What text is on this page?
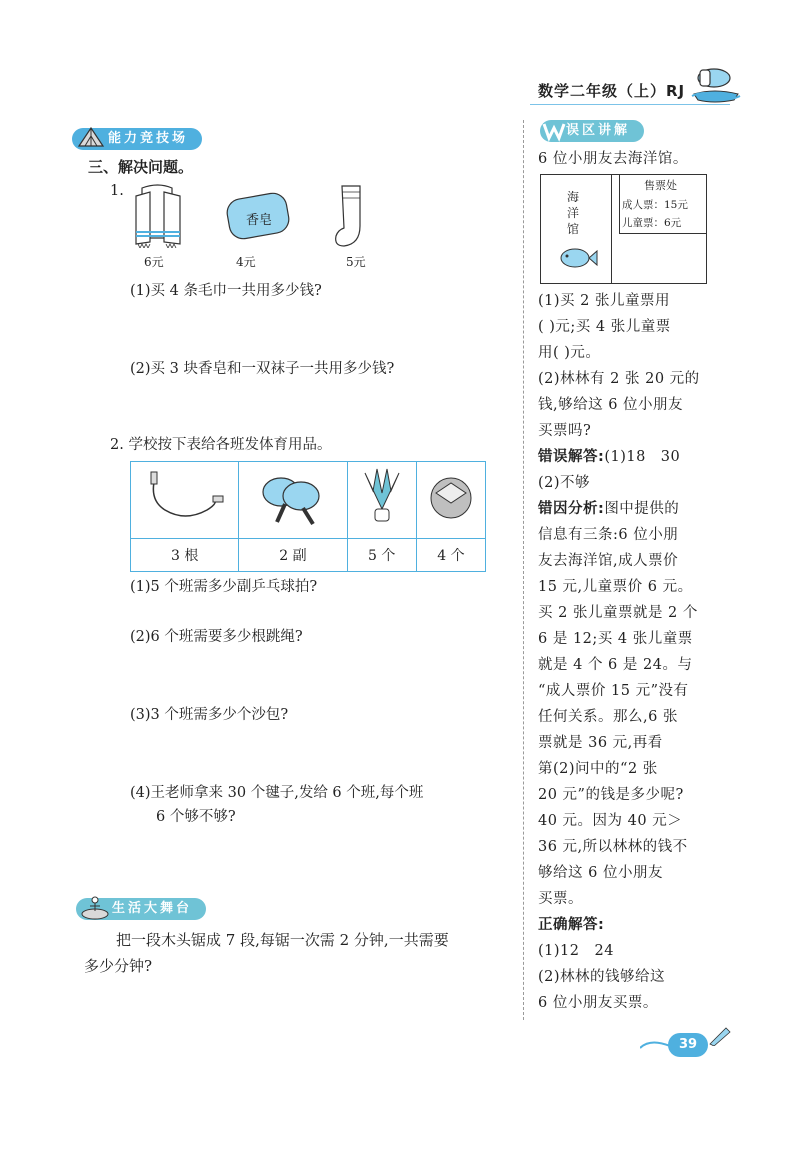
数学二年级（上）RJ
能力竞技场
三、解决问题。
1.
香皂
6元	4元	5元
(1)买 4 条毛巾一共用多少钱?
(2)买 3 块香皂和一双袜子一共用多少钱?
2. 学校按下表给各班发体育用品。

3 根	2 副	5 个	4 个
(1)5 个班需多少副乒乓球拍?
(2)6 个班需要多少根跳绳?
(3)3 个班需多少个沙包?
(4)王老师拿来 30 个毽子,发给 6 个班,每个班
6 个够不够?
生活大舞台
把一段木头锯成 7 段,每锯一次需 2 分钟,一共需要
多少分钟?
误区讲解
6 位小朋友去海洋馆。
海
洋
馆
售票处
成人票：15元
儿童票：6元
(1)买 2 张儿童票用
( )元;买 4 张儿童票
用( )元。
(2)林林有 2 张 20 元的
钱,够给这 6 位小朋友
买票吗?
错误解答:(1)18　30
(2)不够
错因分析:图中提供的
信息有三条:6 位小朋
友去海洋馆,成人票价
15 元,儿童票价 6 元。
买 2 张儿童票就是 2 个
6 是 12;买 4 张儿童票
就是 4 个 6 是 24。与
“成人票价 15 元”没有
任何关系。那么,6 张
票就是 36 元,再看
第(2)问中的“2 张
20 元”的钱是多少呢?
40 元。因为 40 元＞
36 元,所以林林的钱不
够给这 6 位小朋友
买票。
正确解答:
(1)12　24
(2)林林的钱够给这
6 位小朋友买票。
39
